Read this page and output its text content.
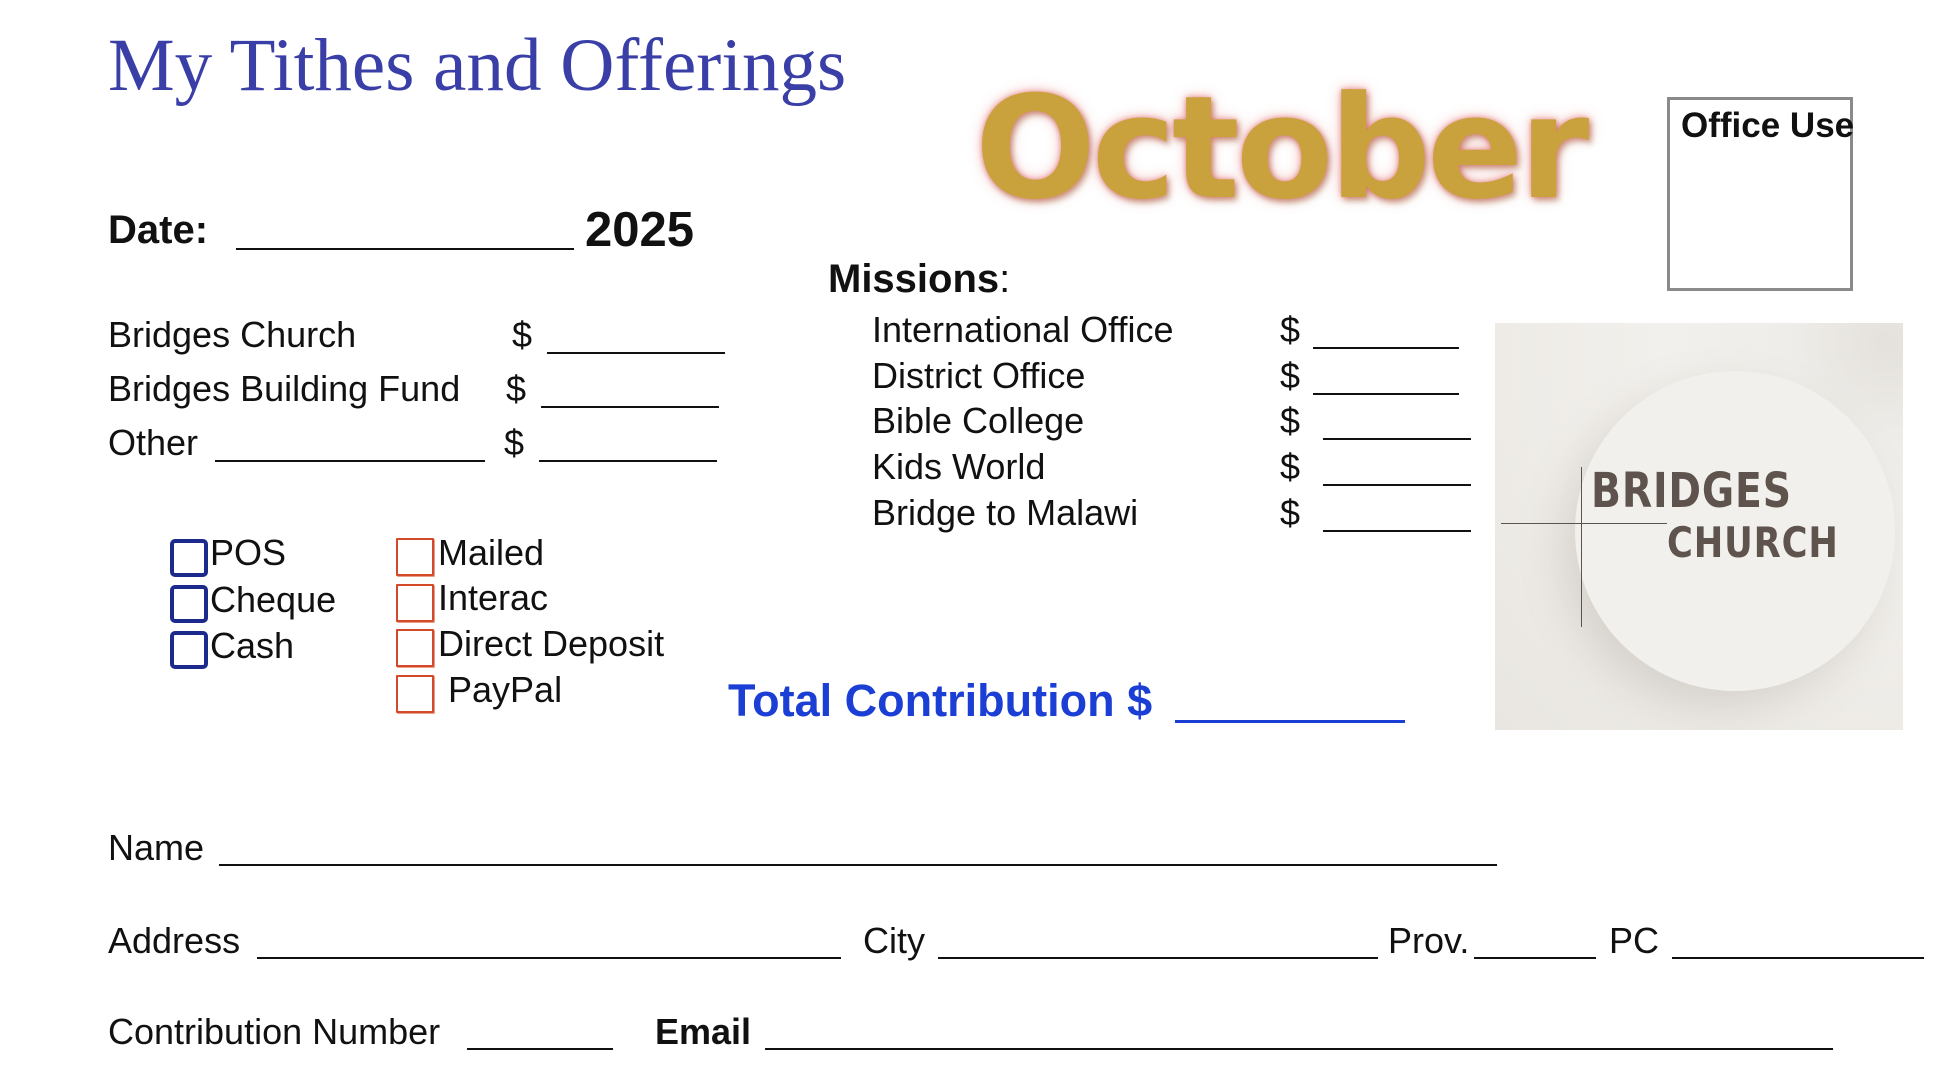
My Tithes and Offerings
October	Office Use
Date:	2025
Bridges Church	$
Bridges Building Fund $
Other	$
Missions:
International Office	$
District Office	$
Bible College	$
Kids World	$
Bridge to Malawi	$
POS
Cheque
Cash
Mailed
Interac
Direct Deposit
PayPal	Total Contribution $
BRIDGES
CHURCH
Name
Address	City	Prov.	PC
Contribution Number	Email
